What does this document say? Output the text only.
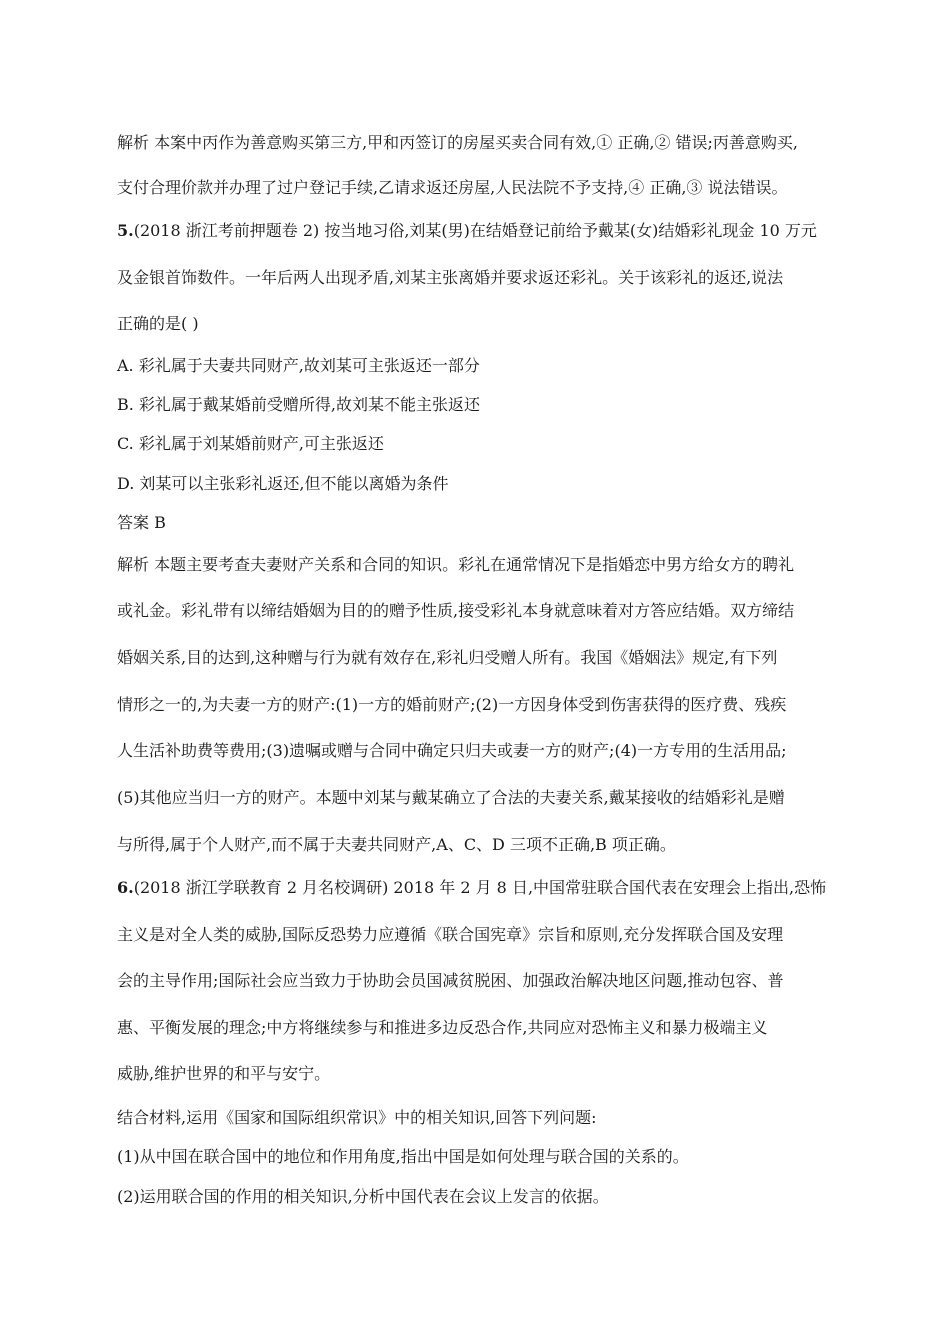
解析 本案中丙作为善意购买第三方,甲和丙签订的房屋买卖合同有效,① 正确,② 错误;丙善意购买,
支付合理价款并办理了过户登记手续,乙请求返还房屋,人民法院不予支持,④ 正确,③ 说法错误。
5.(2018 浙江考前押题卷 2) 按当地习俗,刘某(男)在结婚登记前给予戴某(女)结婚彩礼现金 10 万元
及金银首饰数件。一年后两人出现矛盾,刘某主张离婚并要求返还彩礼。关于该彩礼的返还,说法
正确的是( )
A. 彩礼属于夫妻共同财产,故刘某可主张返还一部分
B. 彩礼属于戴某婚前受赠所得,故刘某不能主张返还
C. 彩礼属于刘某婚前财产,可主张返还
D. 刘某可以主张彩礼返还,但不能以离婚为条件
答案 B
解析 本题主要考查夫妻财产关系和合同的知识。彩礼在通常情况下是指婚恋中男方给女方的聘礼
或礼金。彩礼带有以缔结婚姻为目的的赠予性质,接受彩礼本身就意味着对方答应结婚。双方缔结
婚姻关系,目的达到,这种赠与行为就有效存在,彩礼归受赠人所有。我国《婚姻法》规定,有下列
情形之一的,为夫妻一方的财产:(1)一方的婚前财产;(2)一方因身体受到伤害获得的医疗费、残疾
人生活补助费等费用;(3)遗嘱或赠与合同中确定只归夫或妻一方的财产;(4)一方专用的生活用品;
(5)其他应当归一方的财产。本题中刘某与戴某确立了合法的夫妻关系,戴某接收的结婚彩礼是赠
与所得,属于个人财产,而不属于夫妻共同财产,A、C、D 三项不正确,B 项正确。
6.(2018 浙江学联教育 2 月名校调研) 2018 年 2 月 8 日,中国常驻联合国代表在安理会上指出,恐怖
主义是对全人类的威胁,国际反恐势力应遵循《联合国宪章》宗旨和原则,充分发挥联合国及安理
会的主导作用;国际社会应当致力于协助会员国减贫脱困、加强政治解决地区问题,推动包容、普
惠、平衡发展的理念;中方将继续参与和推进多边反恐合作,共同应对恐怖主义和暴力极端主义
威胁,维护世界的和平与安宁。
结合材料,运用《国家和国际组织常识》中的相关知识,回答下列问题:
(1)从中国在联合国中的地位和作用角度,指出中国是如何处理与联合国的关系的。
(2)运用联合国的作用的相关知识,分析中国代表在会议上发言的依据。
